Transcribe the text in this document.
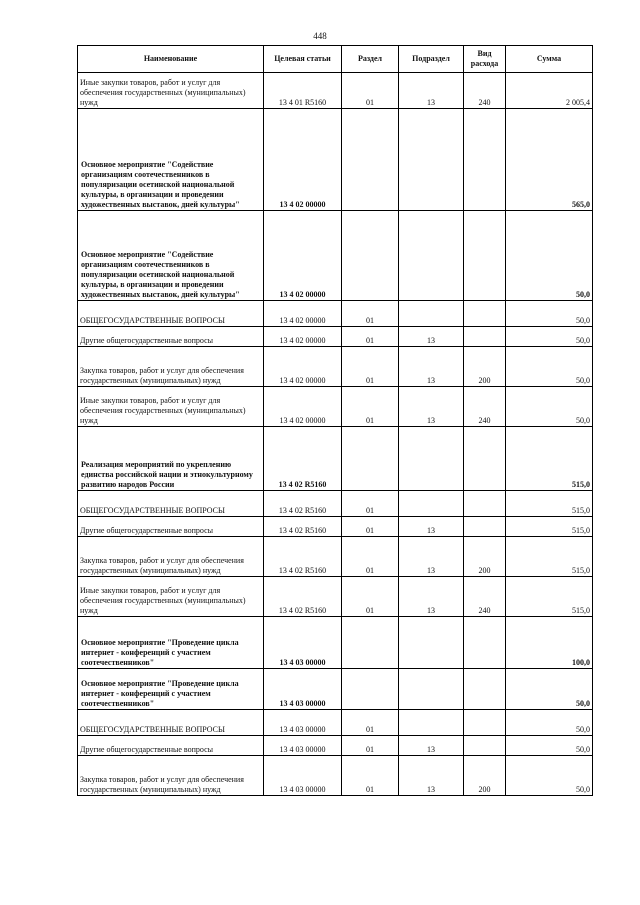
448
Наименование	Целевая статьи	Раздел	Подраздел	Вид расхода	Сумма
Иные закупки товаров, работ и услуг для обеспечения государственных (муниципальных) нужд	13 4 01 R5160	01	13	240	2 005,4
Основное мероприятие "Содействие организациям соотечественников в популяризации осетинской национальной культуры, в организации и проведении художественных выставок, дней культуры"	13 4 02 00000				565,0
Основное мероприятие "Содействие организациям соотечественников в популяризации осетинской национальной культуры, в организации и проведении художественных выставок, дней культуры"	13 4 02 00000				50,0
ОБЩЕГОСУДАРСТВЕННЫЕ ВОПРОСЫ	13 4 02 00000	01			50,0
Другие общегосударственные вопросы	13 4 02 00000	01	13		50,0
Закупка товаров, работ и услуг для обеспечения государственных (муниципальных) нужд	13 4 02 00000	01	13	200	50,0
Иные закупки товаров, работ и услуг для обеспечения государственных (муниципальных) нужд	13 4 02 00000	01	13	240	50,0
Реализация мероприятий по укреплению единства российской нации и этнокультурному развитию народов России	13 4 02 R5160				515,0
ОБЩЕГОСУДАРСТВЕННЫЕ ВОПРОСЫ	13 4 02 R5160	01			515,0
Другие общегосударственные вопросы	13 4 02 R5160	01	13		515,0
Закупка товаров, работ и услуг для обеспечения государственных (муниципальных) нужд	13 4 02 R5160	01	13	200	515,0
Иные закупки товаров, работ и услуг для обеспечения государственных (муниципальных) нужд	13 4 02 R5160	01	13	240	515,0
Основное мероприятие "Проведение цикла интернет - конференций с участием соотечественников"	13 4 03 00000				100,0
Основное мероприятие "Проведение цикла интернет - конференций с участием соотечественников"	13 4 03 00000				50,0
ОБЩЕГОСУДАРСТВЕННЫЕ ВОПРОСЫ	13 4 03 00000	01			50,0
Другие общегосударственные вопросы	13 4 03 00000	01	13		50,0
Закупка товаров, работ и услуг для обеспечения государственных (муниципальных) нужд	13 4 03 00000	01	13	200	50,0
